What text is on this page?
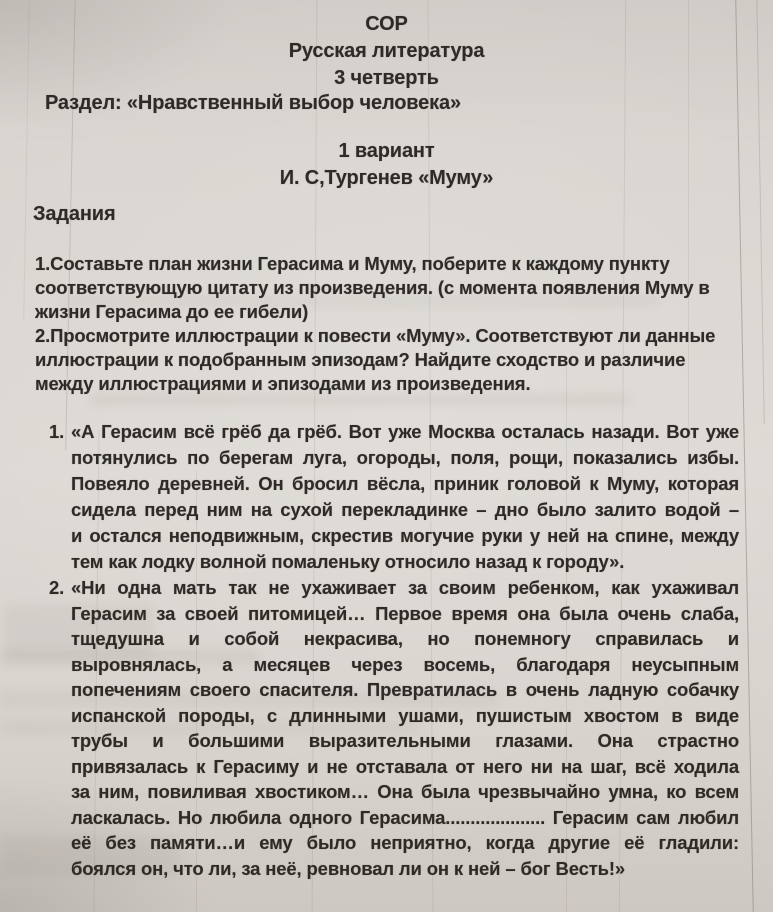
СОР
Русская литература
3 четверть
Раздел: «Нравственный выбор человека»
1 вариант
И. С,Тургенев «Муму»
Задания
1.Составьте план жизни Герасима и Муму, поберите к каждому пункту
соответствующую цитату из произведения. (с момента появления Муму в
жизни Герасима до ее гибели)
2.Просмотрите иллюстрации к повести «Муму». Соответствуют ли данные
иллюстрации к подобранным эпизодам? Найдите сходство и различие
между иллюстрациями и эпизодами из произведения.
1. «А Герасим всё грёб да грёб. Вот уже Москва осталась назади. Вот уже
потянулись по берегам луга, огороды, поля, рощи, показались избы.
Повеяло деревней. Он бросил вёсла, приник головой к Муму, которая
сидела перед ним на сухой перекладинке – дно было залито водой –
и остался неподвижным, скрестив могучие руки у ней на спине, между
тем как лодку волной помаленьку относило назад к городу».
2. «Ни одна мать так не ухаживает за своим ребенком, как ухаживал
Герасим за своей питомицей… Первое время она была очень слаба,
тщедушна и собой некрасива, но понемногу справилась и
выровнялась, а месяцев через восемь, благодаря неусыпным
попечениям своего спасителя. Превратилась в очень ладную собачку
испанской породы, с длинными ушами, пушистым хвостом в виде
трубы и большими выразительными глазами. Она страстно
привязалась к Герасиму и не отставала от него ни на шаг, всё ходила
за ним, повиливая хвостиком… Она была чрезвычайно умна, ко всем
ласкалась. Но любила одного Герасима.................... Герасим сам любил
её без памяти…и ему было неприятно, когда другие её гладили:
боялся он, что ли, за неё, ревновал ли он к ней – бог Весть!»
